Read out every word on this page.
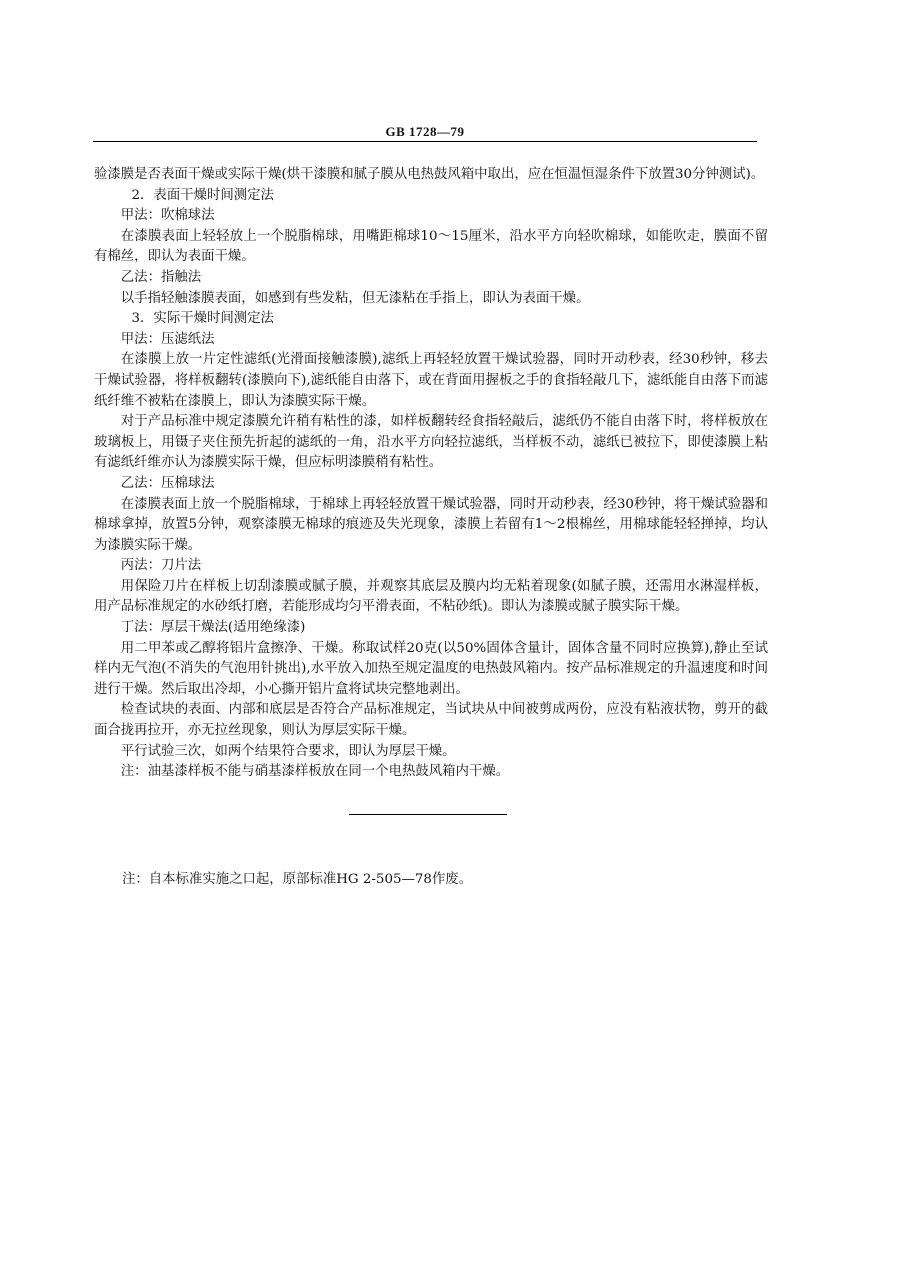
GB 1728—79

验漆膜是否表面干燥或实际干燥(烘干漆膜和腻子膜从电热鼓风箱中取出，应在恒温恒湿条件下放置30分钟测试)。

2．表面干燥时间测定法

甲法：吹棉球法

在漆膜表面上轻轻放上一个脱脂棉球，用嘴距棉球10～15厘米，沿水平方向轻吹棉球，如能吹走，膜面不留有棉丝，即认为表面干燥。

乙法：指触法

以手指轻触漆膜表面，如感到有些发粘，但无漆粘在手指上，即认为表面干燥。

3．实际干燥时间测定法

甲法：压滤纸法

在漆膜上放一片定性滤纸(光滑面接触漆膜),滤纸上再轻轻放置干燥试验器，同时开动秒表，经30秒钟，移去干燥试验器，将样板翻转(漆膜向下),滤纸能自由落下，或在背面用握板之手的食指轻敲几下，滤纸能自由落下而滤纸纤维不被粘在漆膜上，即认为漆膜实际干燥。

对于产品标准中规定漆膜允许稍有粘性的漆，如样板翻转经食指轻敲后，滤纸仍不能自由落下时，将样板放在玻璃板上，用镊子夹住预先折起的滤纸的一角，沿水平方向轻拉滤纸，当样板不动，滤纸已被拉下，即使漆膜上粘有滤纸纤维亦认为漆膜实际干燥，但应标明漆膜稍有粘性。

乙法：压棉球法

在漆膜表面上放一个脱脂棉球，于棉球上再轻轻放置干燥试验器，同时开动秒表，经30秒钟，将干燥试验器和棉球拿掉，放置5分钟，观察漆膜无棉球的痕迹及失光现象，漆膜上若留有1～2根棉丝，用棉球能轻轻掸掉，均认为漆膜实际干燥。

丙法：刀片法

用保险刀片在样板上切刮漆膜或腻子膜，并观察其底层及膜内均无粘着现象(如腻子膜，还需用水淋湿样板，用产品标准规定的水砂纸打磨，若能形成均匀平滑表面，不粘砂纸)。即认为漆膜或腻子膜实际干燥。

丁法：厚层干燥法(适用绝缘漆)

用二甲苯或乙醇将铝片盒擦净、干燥。称取试样20克(以50%固体含量计，固体含量不同时应换算),静止至试样内无气泡(不消失的气泡用针挑出),水平放入加热至规定温度的电热鼓风箱内。按产品标准规定的升温速度和时间进行干燥。然后取出冷却，小心撕开铝片盒将试块完整地剥出。

检查试块的表面、内部和底层是否符合产品标准规定，当试块从中间被剪成两份，应没有粘液状物，剪开的截面合拢再拉开，亦无拉丝现象，则认为厚层实际干燥。

平行试验三次，如两个结果符合要求，即认为厚层干燥。

注：油基漆样板不能与硝基漆样板放在同一个电热鼓风箱内干燥。

注：自本标准实施之口起，原部标准HG 2-505—78作废。
